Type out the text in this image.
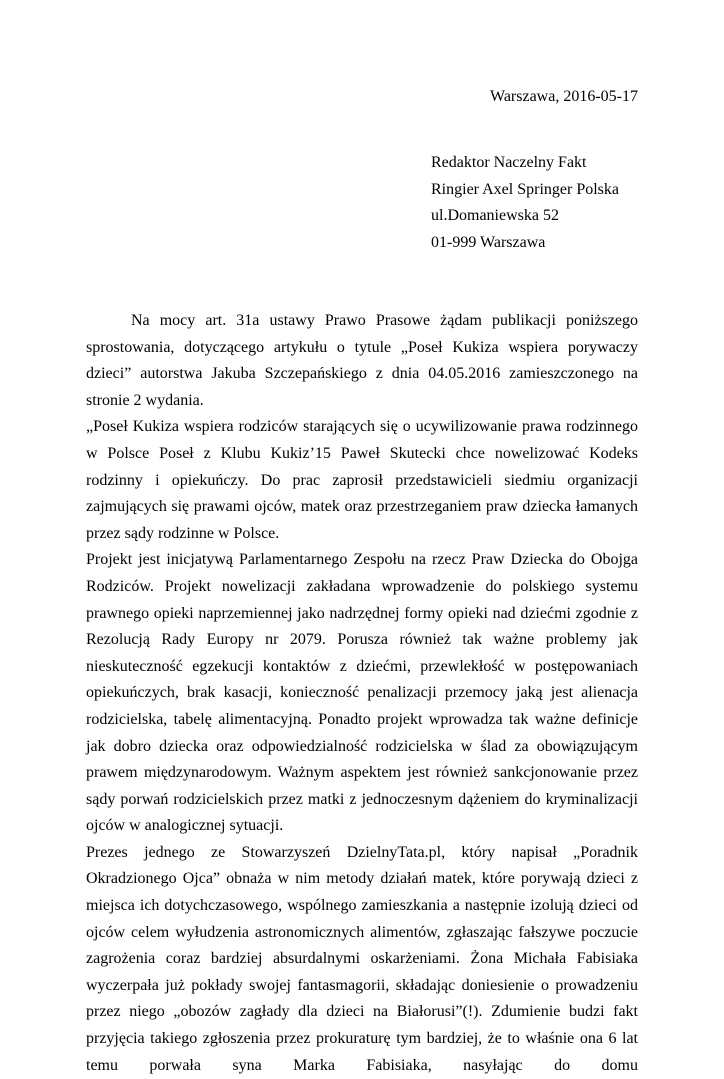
Warszawa, 2016-05-17
Redaktor Naczelny Fakt
Ringier Axel Springer Polska
ul.Domaniewska 52
01-999 Warszawa

Na mocy art. 31a ustawy Prawo Prasowe żądam publikacji poniższego sprostowania, dotyczącego artykułu o tytule „Poseł Kukiza wspiera porywaczy dzieci” autorstwa Jakuba Szczepańskiego z dnia 04.05.2016 zamieszczonego na stronie 2 wydania.

„Poseł Kukiza wspiera rodziców starających się o ucywilizowanie prawa rodzinnego w Polsce Poseł z Klubu Kukiz’15 Paweł Skutecki chce nowelizować Kodeks rodzinny i opiekuńczy. Do prac zaprosił przedstawicieli siedmiu organizacji zajmujących się prawami ojców, matek oraz przestrzeganiem praw dziecka łamanych przez sądy rodzinne w Polsce.

Projekt jest inicjatywą Parlamentarnego Zespołu na rzecz Praw Dziecka do Obojga Rodziców. Projekt nowelizacji zakładana wprowadzenie do polskiego systemu prawnego opieki naprzemiennej jako nadrzędnej formy opieki nad dziećmi zgodnie z Rezolucją Rady Europy nr 2079. Porusza również tak ważne problemy jak nieskuteczność egzekucji kontaktów z dziećmi, przewlekłość w postępowaniach opiekuńczych, brak kasacji, konieczność penalizacji przemocy jaką jest alienacja rodzicielska, tabelę alimentacyjną. Ponadto projekt wprowadza tak ważne definicje jak dobro dziecka oraz odpowiedzialność rodzicielska w ślad za obowiązującym prawem międzynarodowym. Ważnym aspektem jest również sankcjonowanie przez sądy porwań rodzicielskich przez matki z jednoczesnym dążeniem do kryminalizacji ojców w analogicznej sytuacji.

Prezes jednego ze Stowarzyszeń DzielnyTata.pl, który napisał „Poradnik Okradzionego Ojca” obnaża w nim metody działań matek, które porywają dzieci z miejsca ich dotychczasowego, wspólnego zamieszkania a następnie izolują dzieci od ojców celem wyłudzenia astronomicznych alimentów, zgłaszając fałszywe poczucie zagrożenia coraz bardziej absurdalnymi oskarżeniami. Żona Michała Fabisiaka wyczerpała już pokłady swojej fantasmagorii, składając doniesienie o prowadzeniu przez niego „obozów zagłady dla dzieci na Białorusi”(!). Zdumienie budzi fakt przyjęcia takiego zgłoszenia przez prokuraturę tym bardziej, że to właśnie ona 6 lat temu porwała syna Marka Fabisiaka, nasyłając do domu
